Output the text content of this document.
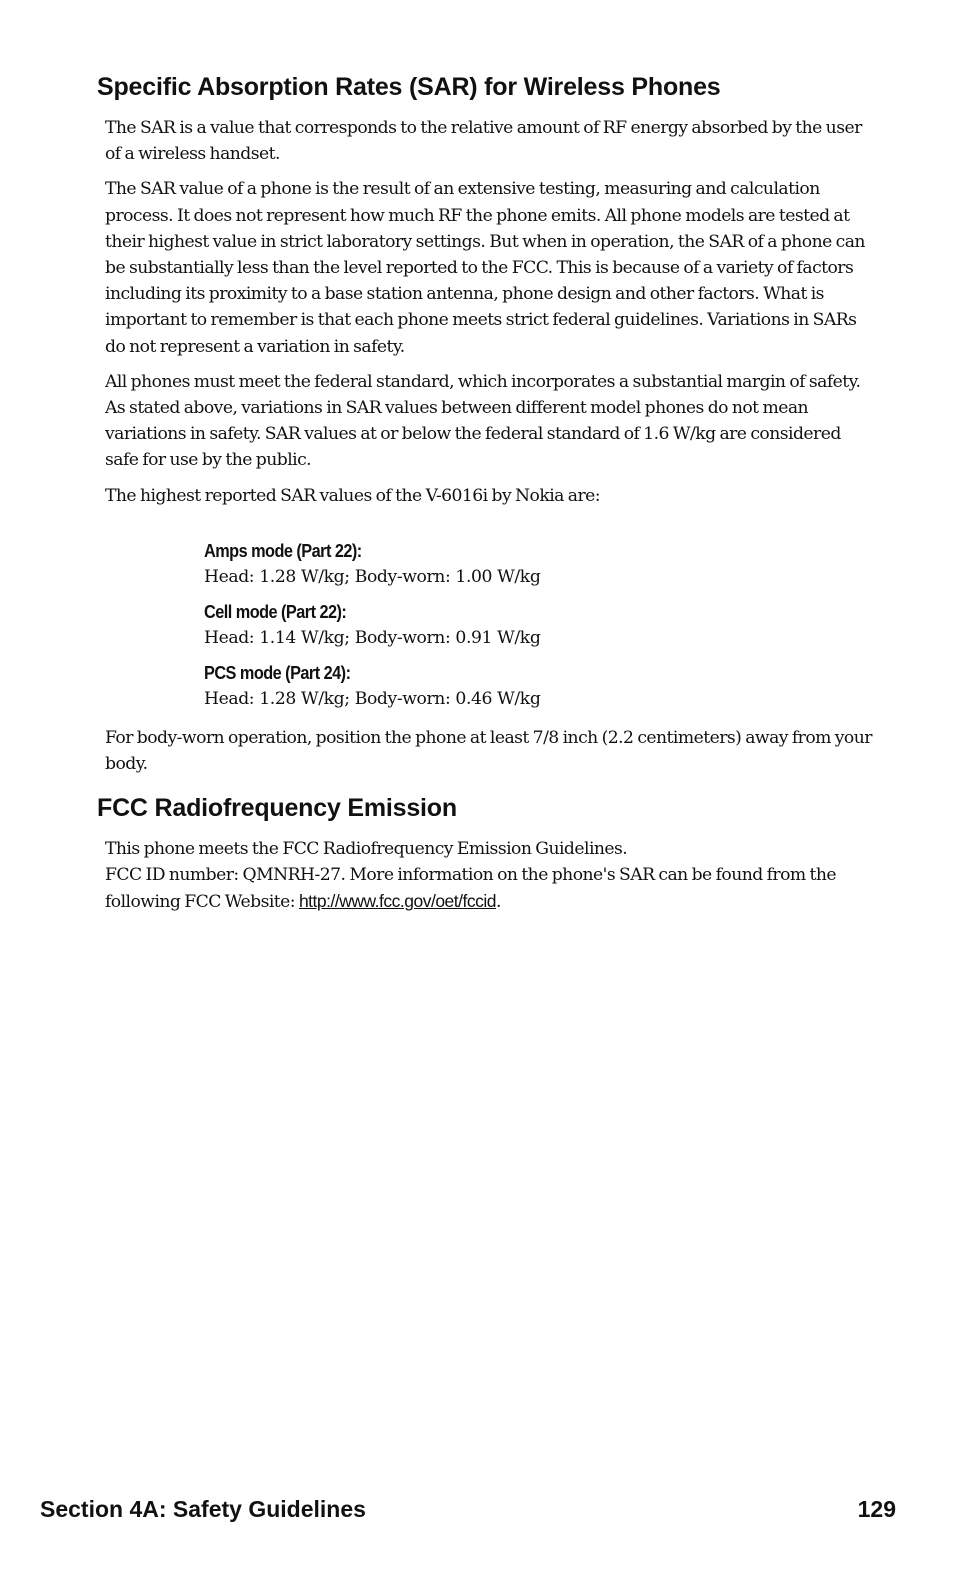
Specific Absorption Rates (SAR) for Wireless Phones

The SAR is a value that corresponds to the relative amount of RF energy absorbed by the user of a wireless handset.

The SAR value of a phone is the result of an extensive testing, measuring and calculation process. It does not represent how much RF the phone emits. All phone models are tested at their highest value in strict laboratory settings. But when in operation, the SAR of a phone can be substantially less than the level reported to the FCC. This is because of a variety of factors including its proximity to a base station antenna, phone design and other factors. What is important to remember is that each phone meets strict federal guidelines. Variations in SARs do not represent a variation in safety.

All phones must meet the federal standard, which incorporates a substantial margin of safety. As stated above, variations in SAR values between different model phones do not mean variations in safety. SAR values at or below the federal standard of 1.6 W/kg are considered safe for use by the public.

The highest reported SAR values of the V-6016i by Nokia are:

Amps mode (Part 22):
Head: 1.28 W/kg; Body-worn: 1.00 W/kg
Cell mode (Part 22):
Head: 1.14 W/kg; Body-worn: 0.91 W/kg
PCS mode (Part 24):
Head: 1.28 W/kg; Body-worn: 0.46 W/kg

For body-worn operation, position the phone at least 7/8 inch (2.2 centimeters) away from your body.

FCC Radiofrequency Emission
This phone meets the FCC Radiofrequency Emission Guidelines.
FCC ID number: QMNRH-27. More information on the phone's SAR can be found from the following FCC Website: http://www.fcc.gov/oet/fccid.
Section 4A: Safety Guidelines	129
